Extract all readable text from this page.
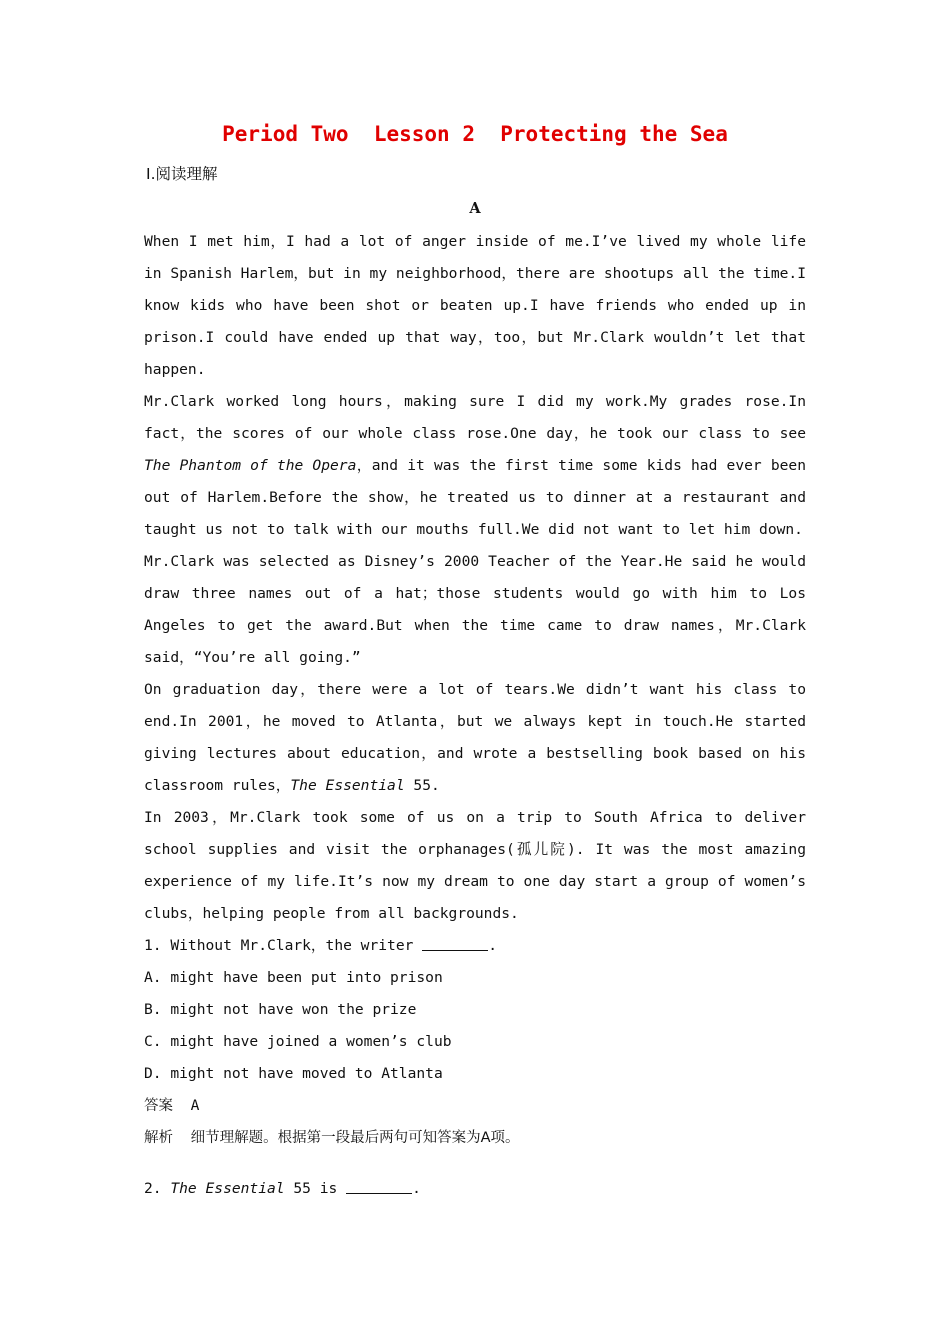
Period Two  Lesson 2  Protecting the Sea
Ⅰ.阅读理解
A

When I met him，I had a lot of anger inside of me.I’ve lived my whole life in Spanish Harlem，but in my neighborhood，there are shootups all the time.I know kids who have been shot or beaten up.I have friends who ended up in prison.I could have ended up that way，too，but Mr.Clark wouldn’t let that happen.

Mr.Clark worked long hours，making sure I did my work.My grades rose.In fact，the scores of our whole class rose.One day，he took our class to see The Phantom of the Opera，and it was the first time some kids had ever been out of Harlem.Before the show，he treated us to dinner at a restaurant and taught us not to talk with our mouths full.We did not want to let him down.

Mr.Clark was selected as Disney’s 2000 Teacher of the Year.He said he would draw three names out of a hat；those students would go with him to Los Angeles to get the award.But when the time came to draw names，Mr.Clark said，“You’re all going.”

On graduation day，there were a lot of tears.We didn’t want his class to end.In 2001，he moved to Atlanta，but we always kept in touch.He started giving lectures about education，and wrote a bestselling book based on his classroom rules，The Essential 55.

In 2003，Mr.Clark took some of us on a trip to South Africa to deliver school supplies and visit the orphanages(孤儿院). It was the most amazing experience of my life.It’s now my dream to one day start a group of women’s clubs，helping people from all backgrounds.

1. Without Mr.Clark，the writer	.

A. might have been put into prison

B. might not have won the prize

C. might have joined a women’s club

D. might not have moved to Atlanta

答案 A

解析 细节理解题。根据第一段最后两句可知答案为A项。

2. The Essential 55 is	.
